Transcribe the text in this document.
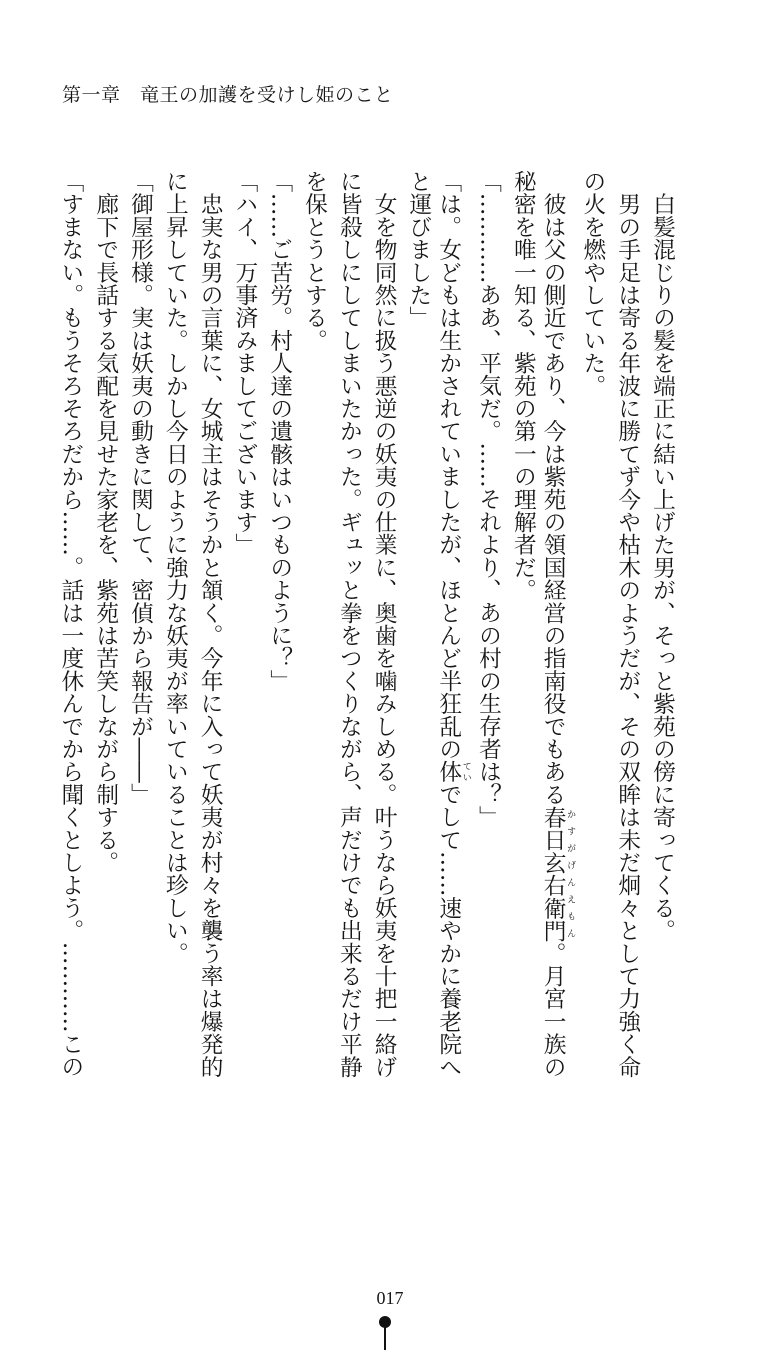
第一章　竜王の加護を受けし姫のこと
　白髪混じりの髪を端正に結い上げた男が、そっと紫苑の傍に寄ってくる。
　男の手足は寄る年波に勝てず今や枯木のようだが、その双眸は未だ炯々として力強く命
の火を燃やしていた。
　彼は父の側近であり、今は紫苑の領国経営の指南役でもある春日玄右衛門 かすがげんえもん。月宮一族の
秘密を唯一知る、紫苑の第一の理解者だ。
「…………ああ、平気だ。……それより、あの村の生存者は？」
「は。女どもは生かされていましたが、ほとんど半狂乱の体 ていでして……速やかに養老院へ
と運びました」
　女を物同然に扱う悪逆の妖夷の仕業に、奥歯を噛みしめる。叶うなら妖夷を十把一絡げ
に皆殺しにしてしまいたかった。ギュッと拳をつくりながら、声だけでも出来るだけ平静
を保とうとする。
「……ご苦労。村人達の遺骸はいつものように？」
「ハイ、万事済みましてございます」
　忠実な男の言葉に、女城主はそうかと頷く。今年に入って妖夷が村々を襲う率は爆発的
に上昇していた。しかし今日のように強力な妖夷が率いていることは珍しい。
「御屋形様。実は妖夷の動きに関して、密偵から報告が――」
　廊下で長話する気配を見せた家老を、紫苑は苦笑しながら制する。
「すまない。もうそろそろだから……。話は一度休んでから聞くとしよう。…………この
017
